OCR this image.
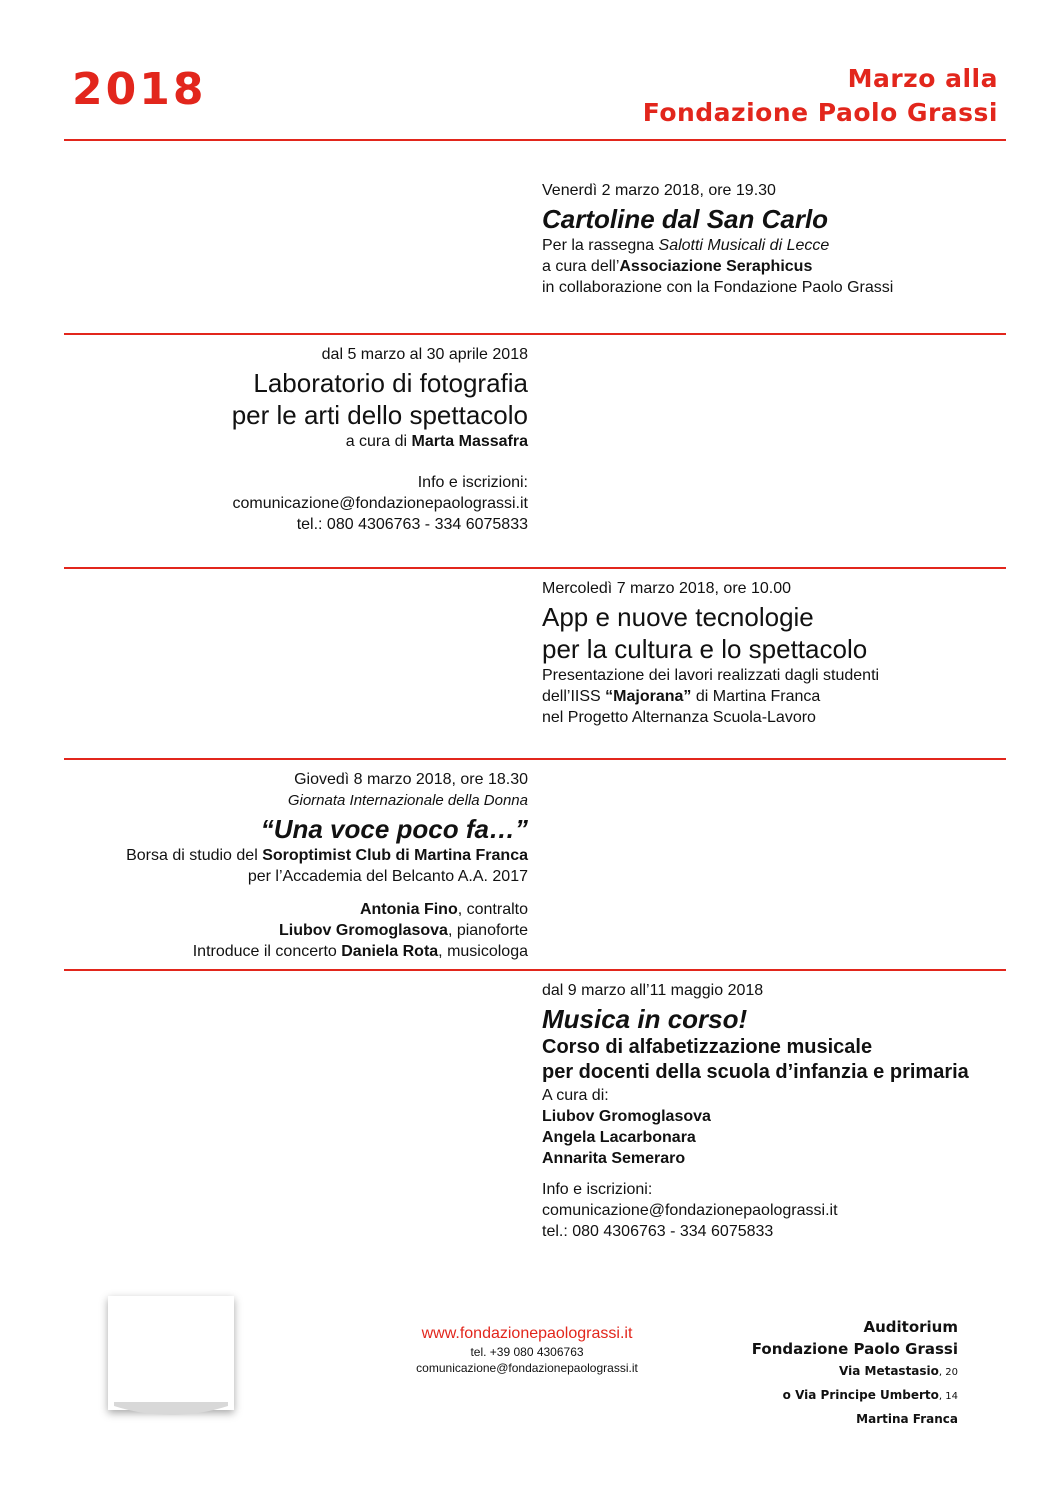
2018	Marzo alla
Fondazione Paolo Grassi
Venerdì 2 marzo 2018, ore 19.30
Cartoline dal San Carlo
Per la rassegna Salotti Musicali di Lecce
a cura dell’Associazione Seraphicus
in collaborazione con la Fondazione Paolo Grassi
dal 5 marzo al 30 aprile 2018
Laboratorio di fotografia
per le arti dello spettacolo
a cura di Marta Massafra
Info e iscrizioni:
comunicazione@fondazionepaolograssi.it
tel.: 080 4306763 - 334 6075833
Mercoledì 7 marzo 2018, ore 10.00
App e nuove tecnologie
per la cultura e lo spettacolo
Presentazione dei lavori realizzati dagli studenti
dell’IISS “Majorana” di Martina Franca
nel Progetto Alternanza Scuola-Lavoro
Giovedì 8 marzo 2018, ore 18.30
Giornata Internazionale della Donna
“Una voce poco fa…”
Borsa di studio del Soroptimist Club di Martina Franca
per l’Accademia del Belcanto A.A. 2017
Antonia Fino, contralto
Liubov Gromoglasova, pianoforte
Introduce il concerto Daniela Rota, musicologa
dal 9 marzo all’11 maggio 2018
Musica in corso!
Corso di alfabetizzazione musicale
per docenti della scuola d’infanzia e primaria
A cura di:
Liubov Gromoglasova
Angela Lacarbonara
Annarita Semeraro
Info e iscrizioni:
comunicazione@fondazionepaolograssi.it
tel.: 080 4306763 - 334 6075833
www.fondazionepaolograssi.it
tel. +39 080 4306763
comunicazione@fondazionepaolograssi.it
Auditorium
Fondazione Paolo Grassi
Via Metastasio, 20
o Via Principe Umberto, 14
Martina Franca
